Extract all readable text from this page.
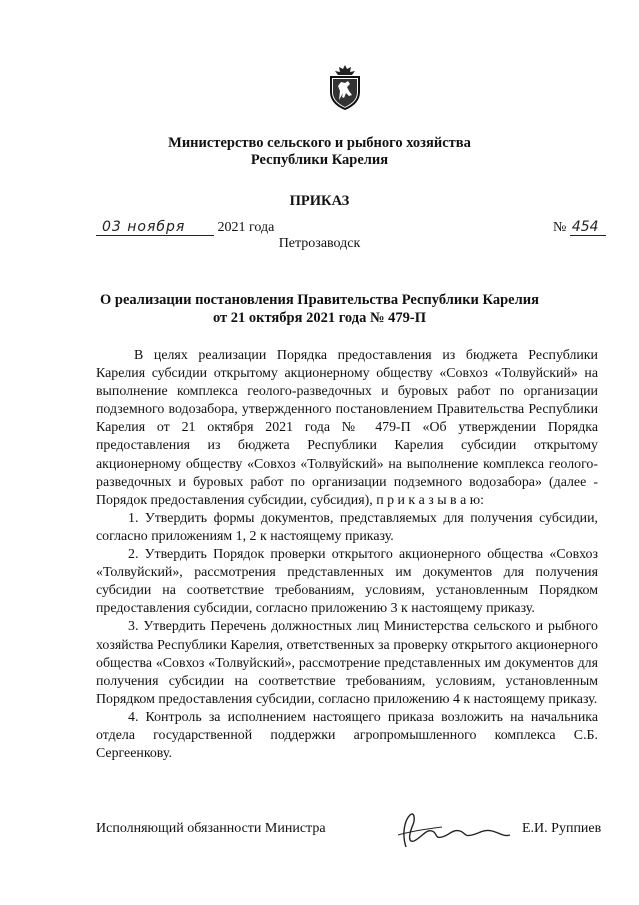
Министерство сельского и рыбного хозяйства
Республики Карелия
ПРИКАЗ
03 ноября 2021 года	№ 454
Петрозаводск
О реализации постановления Правительства Республики Карелия
от 21 октября 2021 года № 479-П

В целях реализации Порядка предоставления из бюджета Республики Карелия субсидии открытому акционерному обществу «Совхоз «Толвуйский» на выполнение комплекса геолого-разведочных и буровых работ по организации подземного водозабора, утвержденного постановлением Правительства Республики Карелия от 21 октября 2021 года № 479-П «Об утверждении Порядка предоставления из бюджета Республики Карелия субсидии открытому акционерному обществу «Совхоз «Толвуйский» на выполнение комплекса геолого-разведочных и буровых работ по организации подземного водозабора» (далее - Порядок предоставления субсидии, субсидия), п р и к а з ы в а ю:

1. Утвердить формы документов, представляемых для получения субсидии, согласно приложениям 1, 2 к настоящему приказу.

2. Утвердить Порядок проверки открытого акционерного общества «Совхоз «Толвуйский», рассмотрения представленных им документов для получения субсидии на соответствие требованиям, условиям, установленным Порядком предоставления субсидии, согласно приложению 3 к настоящему приказу.

3. Утвердить Перечень должностных лиц Министерства сельского и рыбного хозяйства Республики Карелия, ответственных за проверку открытого акционерного общества «Совхоз «Толвуйский», рассмотрение представленных им документов для получения субсидии на соответствие требованиям, условиям, установленным Порядком предоставления субсидии, согласно приложению 4 к настоящему приказу.

4. Контроль за исполнением настоящего приказа возложить на начальника отдела государственной поддержки агропромышленного комплекса С.Б. Сергеенкову.

Исполняющий обязанности Министра	Е.И. Руппиев
